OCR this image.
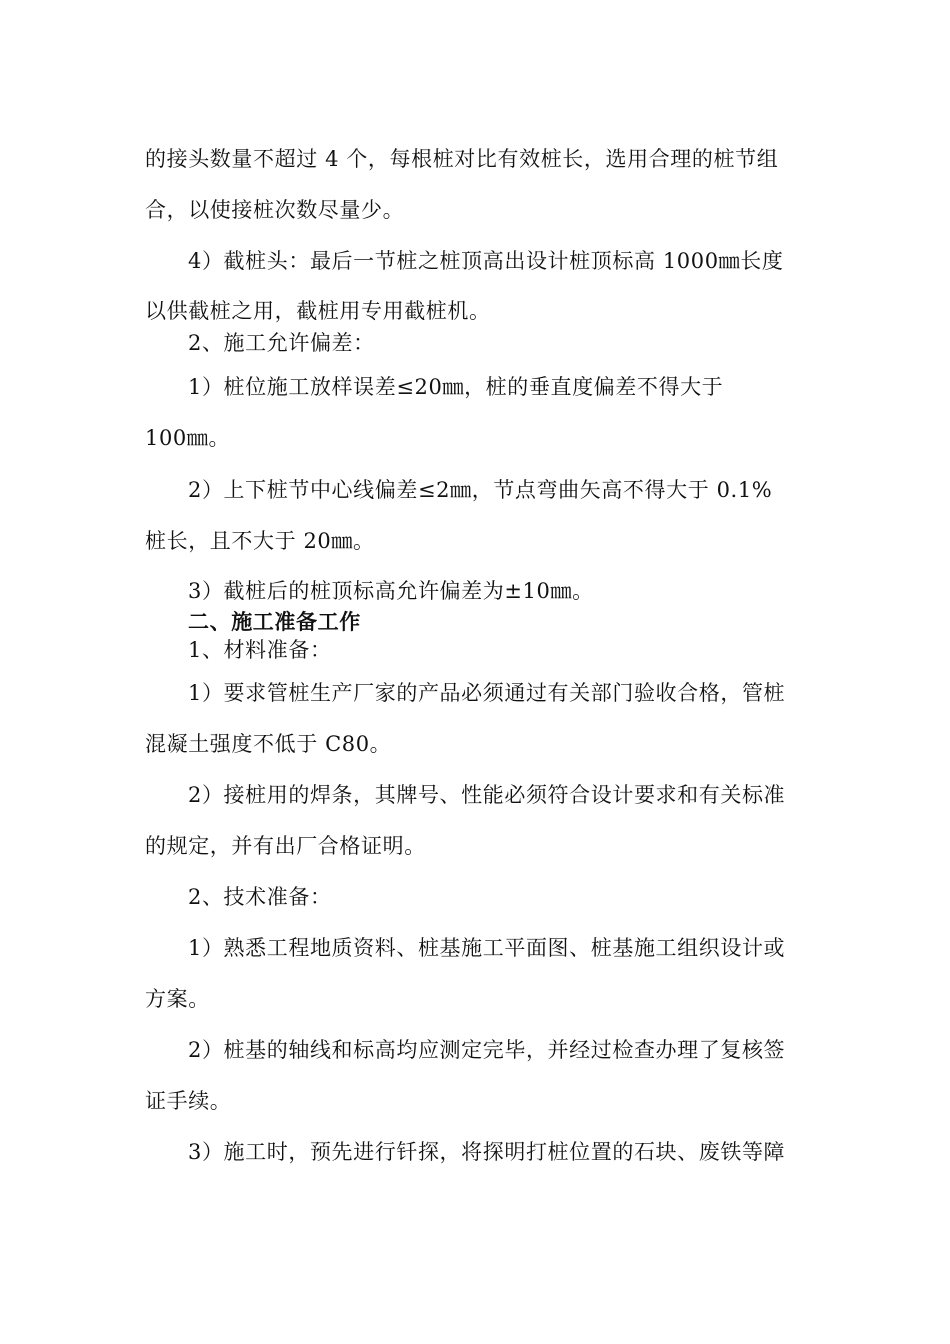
的接头数量不超过 4 个，每根桩对比有效桩长，选用合理的桩节组
合，以使接桩次数尽量少。
4）截桩头：最后一节桩之桩顶高出设计桩顶标高 1000㎜长度
以供截桩之用，截桩用专用截桩机。
2、施工允许偏差：
1）桩位施工放样误差≤20㎜，桩的垂直度偏差不得大于
100㎜。
2）上下桩节中心线偏差≤2㎜，节点弯曲矢高不得大于 0.1%
桩长，且不大于 20㎜。
3）截桩后的桩顶标高允许偏差为±10㎜。
二、施工准备工作
1、材料准备：
1）要求管桩生产厂家的产品必须通过有关部门验收合格，管桩
混凝土强度不低于 C80。
2）接桩用的焊条，其牌号、性能必须符合设计要求和有关标准
的规定，并有出厂合格证明。
2、技术准备：
1）熟悉工程地质资料、桩基施工平面图、桩基施工组织设计或
方案。
2）桩基的轴线和标高均应测定完毕，并经过检查办理了复核签
证手续。
3）施工时，预先进行钎探，将探明打桩位置的石块、废铁等障
